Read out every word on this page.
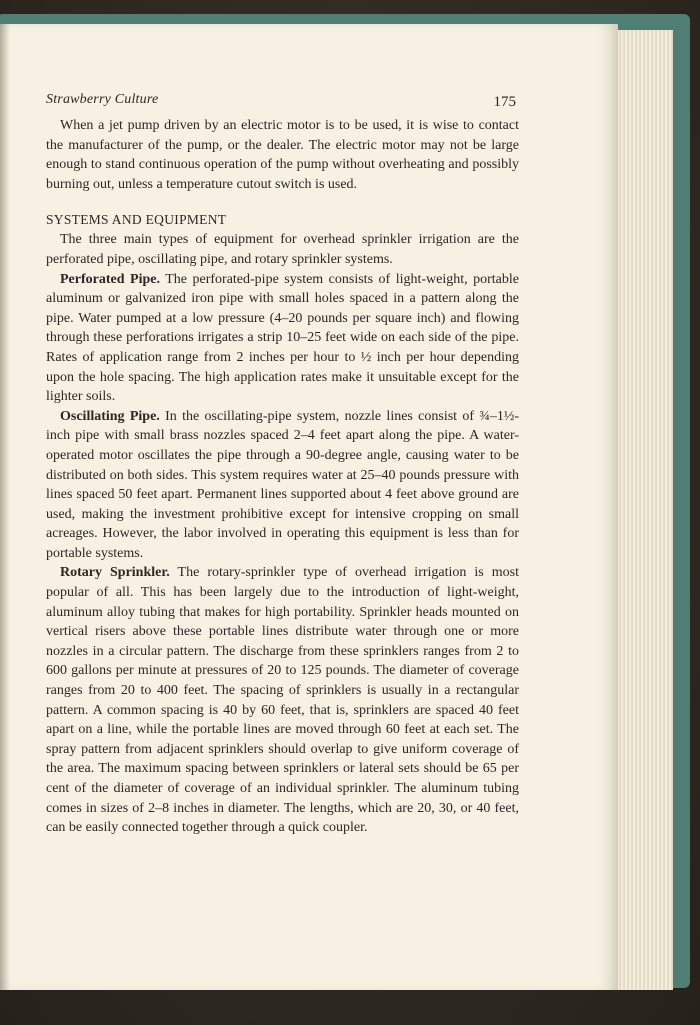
Strawberry Culture	175

When a jet pump driven by an electric motor is to be used, it is wise to contact the manufacturer of the pump, or the dealer. The electric motor may not be large enough to stand continuous operation of the pump without overheating and possibly burning out, unless a temperature cutout switch is used.

SYSTEMS AND EQUIPMENT

The three main types of equipment for overhead sprinkler irrigation are the perforated pipe, oscillating pipe, and rotary sprinkler systems.

Perforated Pipe. The perforated-pipe system consists of light-weight, portable aluminum or galvanized iron pipe with small holes spaced in a pattern along the pipe. Water pumped at a low pressure (4–20 pounds per square inch) and flowing through these perforations irrigates a strip 10–25 feet wide on each side of the pipe. Rates of application range from 2 inches per hour to ½ inch per hour depending upon the hole spacing. The high application rates make it unsuitable except for the lighter soils.

Oscillating Pipe. In the oscillating-pipe system, nozzle lines consist of ¾–1½-inch pipe with small brass nozzles spaced 2–4 feet apart along the pipe. A water-operated motor oscillates the pipe through a 90-degree angle, causing water to be distributed on both sides. This system requires water at 25–40 pounds pressure with lines spaced 50 feet apart. Permanent lines supported about 4 feet above ground are used, making the investment prohibitive except for intensive cropping on small acreages. However, the labor involved in operating this equipment is less than for portable systems.

Rotary Sprinkler. The rotary-sprinkler type of overhead irrigation is most popular of all. This has been largely due to the introduction of light-weight, aluminum alloy tubing that makes for high portability. Sprinkler heads mounted on vertical risers above these portable lines distribute water through one or more nozzles in a circular pattern. The discharge from these sprinklers ranges from 2 to 600 gallons per minute at pressures of 20 to 125 pounds. The diameter of coverage ranges from 20 to 400 feet. The spacing of sprinklers is usually in a rectangular pattern. A common spacing is 40 by 60 feet, that is, sprinklers are spaced 40 feet apart on a line, while the portable lines are moved through 60 feet at each set. The spray pattern from adjacent sprinklers should overlap to give uniform coverage of the area. The maximum spacing between sprinklers or lateral sets should be 65 per cent of the diameter of coverage of an individual sprinkler. The aluminum tubing comes in sizes of 2–8 inches in diameter. The lengths, which are 20, 30, or 40 feet, can be easily connected together through a quick coupler.
